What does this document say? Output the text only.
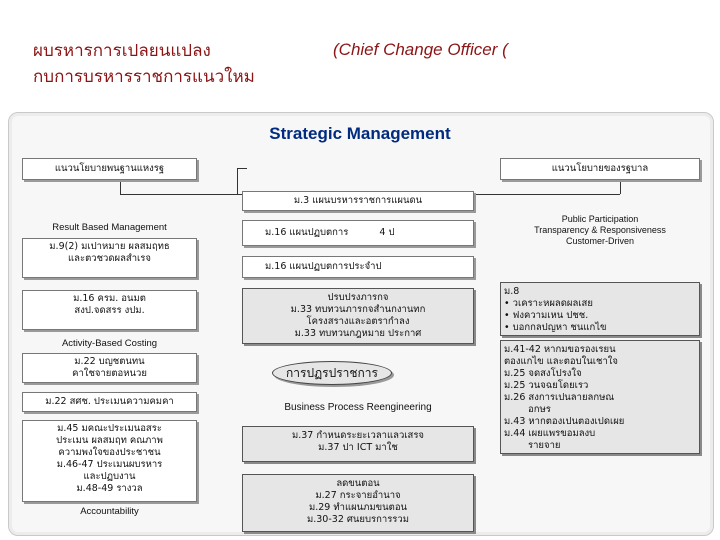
ผบรหารการเปลยนแปลง	(Chief Change Officer (
กบการบรหารราชการแนวใหม
Strategic Management
แนวนโยบายพนฐานแหงรฐ	แนวนโยบายของรฐบาล
ม.3 แผนบรหารราชการแผนดน
Result Based Management
ม.9(2) มเปาหมาย ผลสมฤทธ
และตวชวดผลสำเรจ
ม.16 ครม. อนมต
สงป.จดสรร งปม.
Activity-Based Costing
ม.22 บญชตนทน
คาใชจายตอหนวย
ม.22 สศช. ประเมนความคมคา
ม.45 มคณะประเมนอสระ
ประเมน ผลสมฤท คณภาพ
ความพงใจของประชาชน
ม.46-47 ประเมนผบรหาร
และปฏบงาน
ม.48-49 รางวล
Accountability
ม.16 แผนปฏบตการ	4 ป
ม.16 แผนปฏบตการประจำป
ปรบปรงภารกจ
ม.33 ทบทวนภารกจสำนกงานทก
โครงสรางและอตรากำลง
ม.33 ทบทวนกฎหมาย ประกาศ
การปฏรปราชการ
Business Process Reengineering
ม.37 กำหนดระยะเวลาแลวเสรจ
ม.37 ปา ICT มาใช
ลดขนตอน
ม.27 กระจายอำนาจ
ม.29 ทำแผนภมขนตอน
ม.30-32 ศนยบรการรวม
Public Participation
Transparency & Responsiveness
Customer-Driven
ม.8
• วเคราะหผลดผลเสย
• ฟงความเหน ปชช.
• บอกกลปญหา ชนแกไข
ม.41-42 หากมขอรองเรยน
ตองแกไข และตอบในเชาใจ
ม.25 จดสงโปรงใจ
ม.25 วนจฉยโดยเรว
ม.26 สงการเปนลายลกษณ
อกษร
ม.43 หากตองเปนตองเปดเผย
ม.44 เผยแพรขอมลงบ
รายจาย
